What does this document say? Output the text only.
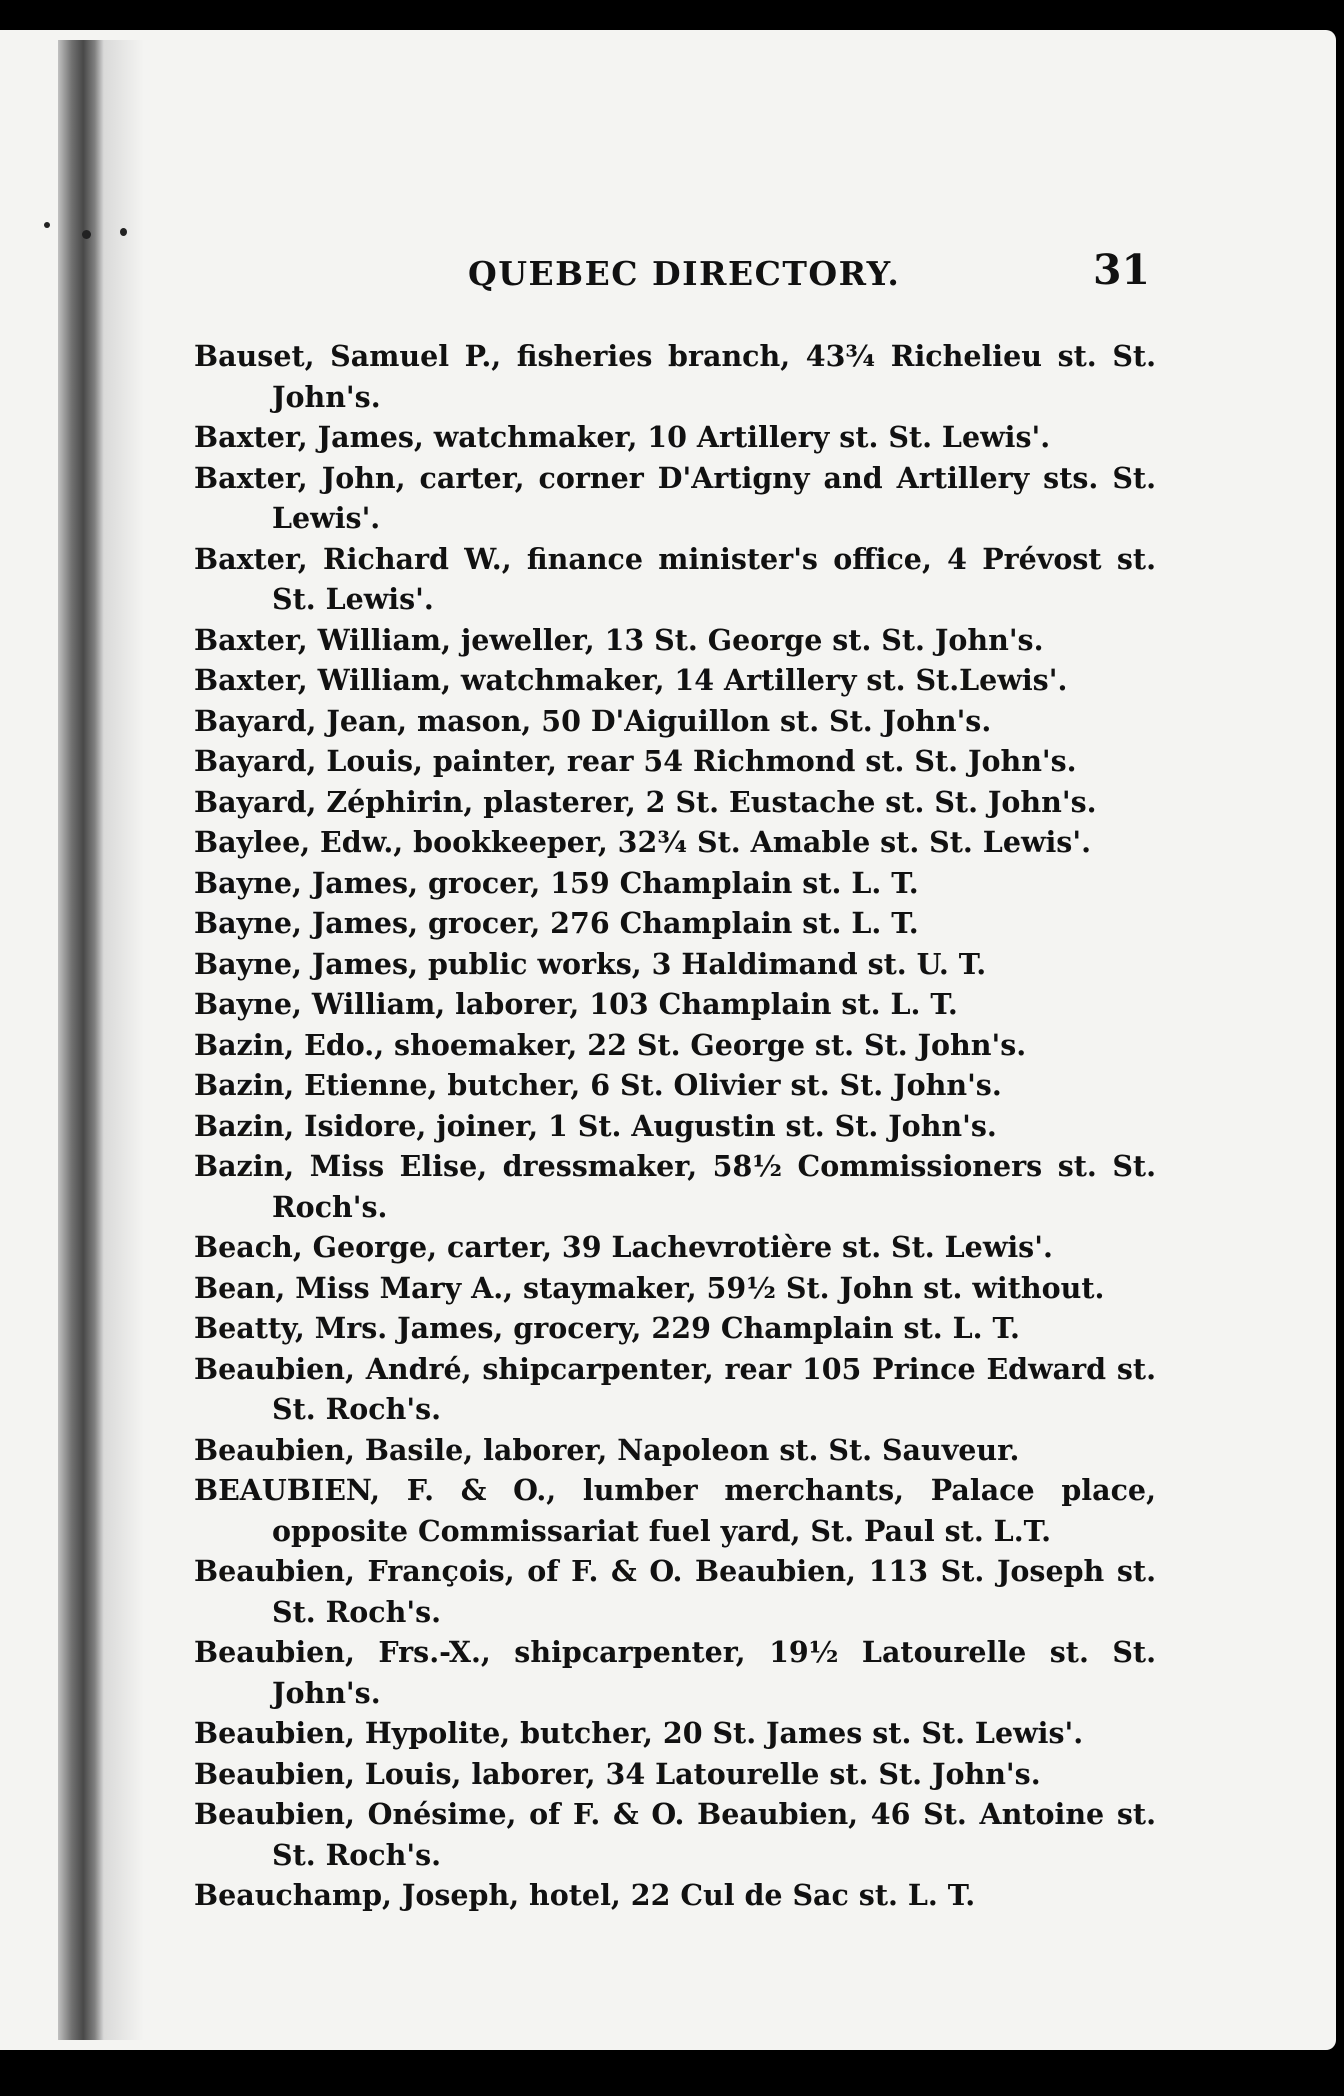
QUEBEC DIRECTORY.	31
Bauset, Samuel P., fisheries branch, 43¾ Richelieu st. St. John's.
Baxter, James, watchmaker, 10 Artillery st. St. Lewis'.
Baxter, John, carter, corner D'Artigny and Artillery sts. St. Lewis'.
Baxter, Richard W., finance minister's office, 4 Prévost st. St. Lewis'.
Baxter, William, jeweller, 13 St. George st. St. John's.
Baxter, William, watchmaker, 14 Artillery st. St.Lewis'.
Bayard, Jean, mason, 50 D'Aiguillon st. St. John's.
Bayard, Louis, painter, rear 54 Richmond st. St. John's.
Bayard, Zéphirin, plasterer, 2 St. Eustache st. St. John's.
Baylee, Edw., bookkeeper, 32¾ St. Amable st. St. Lewis'.
Bayne, James, grocer, 159 Champlain st. L. T.
Bayne, James, grocer, 276 Champlain st. L. T.
Bayne, James, public works, 3 Haldimand st. U. T.
Bayne, William, laborer, 103 Champlain st. L. T.
Bazin, Edo., shoemaker, 22 St. George st. St. John's.
Bazin, Etienne, butcher, 6 St. Olivier st. St. John's.
Bazin, Isidore, joiner, 1 St. Augustin st. St. John's.
Bazin, Miss Elise, dressmaker, 58½ Commissioners st. St. Roch's.
Beach, George, carter, 39 Lachevrotière st. St. Lewis'.
Bean, Miss Mary A., staymaker, 59½ St. John st. without.
Beatty, Mrs. James, grocery, 229 Champlain st. L. T.
Beaubien, André, shipcarpenter, rear 105 Prince Edward st. St. Roch's.
Beaubien, Basile, laborer, Napoleon st. St. Sauveur.
BEAUBIEN, F. & O., lumber merchants, Palace place, opposite Commissariat fuel yard, St. Paul st. L.T.
Beaubien, François, of F. & O. Beaubien, 113 St. Joseph st. St. Roch's.
Beaubien, Frs.-X., shipcarpenter, 19½ Latourelle st. St. John's.
Beaubien, Hypolite, butcher, 20 St. James st. St. Lewis'.
Beaubien, Louis, laborer, 34 Latourelle st. St. John's.
Beaubien, Onésime, of F. & O. Beaubien, 46 St. Antoine st. St. Roch's.
Beauchamp, Joseph, hotel, 22 Cul de Sac st. L. T.
